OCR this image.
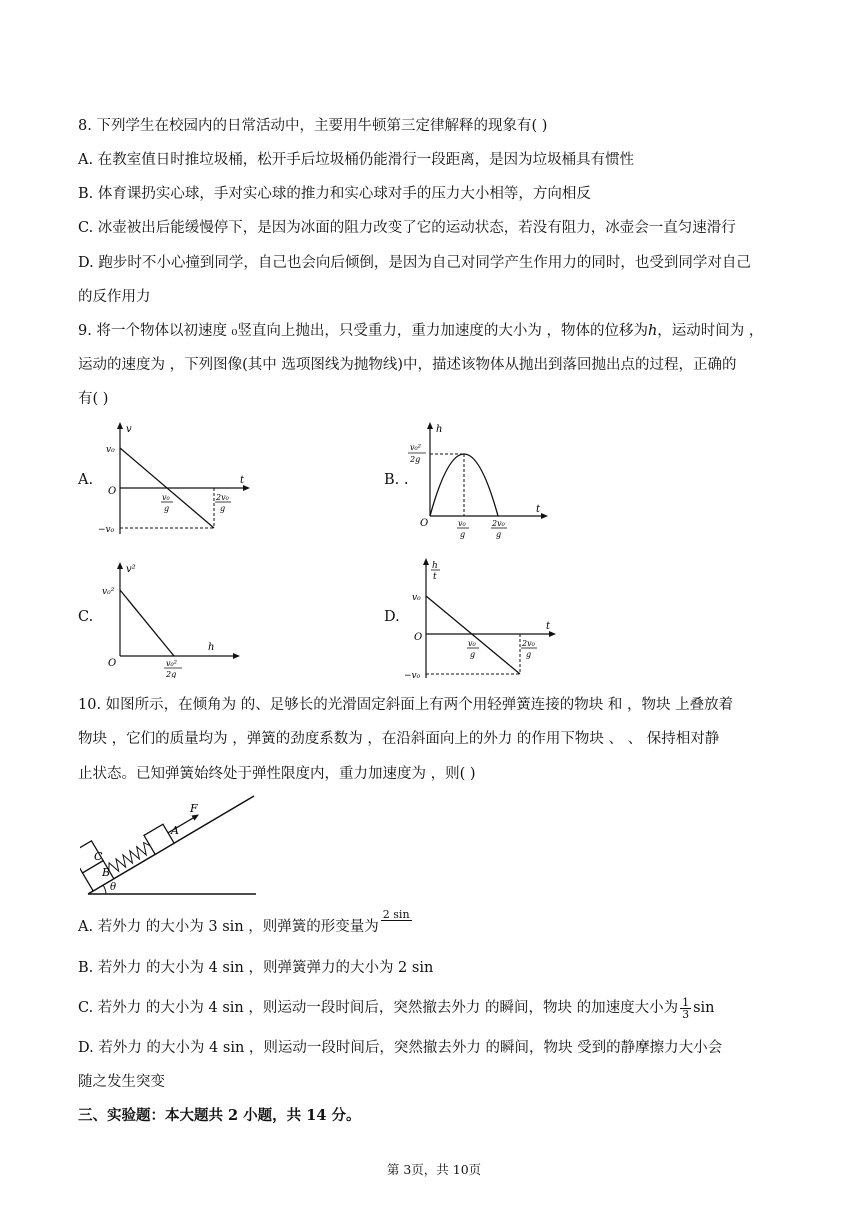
8. 下列学生在校园内的日常活动中，主要用牛顿第三定律解释的现象有( )
A. 在教室值日时推垃圾桶，松开手后垃圾桶仍能滑行一段距离，是因为垃圾桶具有惯性
B. 体育课扔实心球，手对实心球的推力和实心球对手的压力大小相等，方向相反
C. 冰壶被出后能缓慢停下，是因为冰面的阻力改变了它的运动状态，若没有阻力，冰壶会一直匀速滑行
D. 跑步时不小心撞到同学，自己也会向后倾倒，是因为自己对同学产生作用力的同时，也受到同学对自己
的反作用力
9. 将一个物体以初速度 ₀竖直向上抛出，只受重力，重力加速度的大小为 ，物体的位移为ℎ，运动时间为 ，
运动的速度为 ，下列图像(其中 选项图线为抛物线)中，描述该物体从抛出到落回抛出点的过程，正确的
有( )
A.	B. .
C.	D.
v
t
O
v₀
−v₀
v₀
g
2v₀
g
h
t
O
v₀²
2g
v₀
g
2v₀
g
v²
h
O
v₀²
v₀²
2g
h
t
t
O
v₀
−v₀
v₀
g
2v₀
g
10. 如图所示，在倾角为 的、足够长的光滑固定斜面上有两个用轻弹簧连接的物块 和 ，物块 上叠放着
物块 ，它们的质量均为 ，弹簧的劲度系数为 ，在沿斜面向上的外力 的作用下物块 、 、 保持相对静
止状态。已知弹簧始终处于弹性限度内，重力加速度为 ，则( )
θ
C
B
A
F
A. 若外力 的大小为 3 sin ，则弹簧的形变量为
2 sin

B. 若外力 的大小为 4 sin ，则弹簧弹力的大小为 2 sin
C. 若外力 的大小为 4 sin ，则运动一段时间后，突然撤去外力 的瞬间，物块 的加速度大小为 $\frac{1}{3}$ sin
D. 若外力 的大小为 4 sin ，则运动一段时间后，突然撤去外力 的瞬间，物块 受到的静摩擦力大小会
随之发生突变
三、实验题：本大题共 2 小题，共 14 分。
第 3页，共 10页
